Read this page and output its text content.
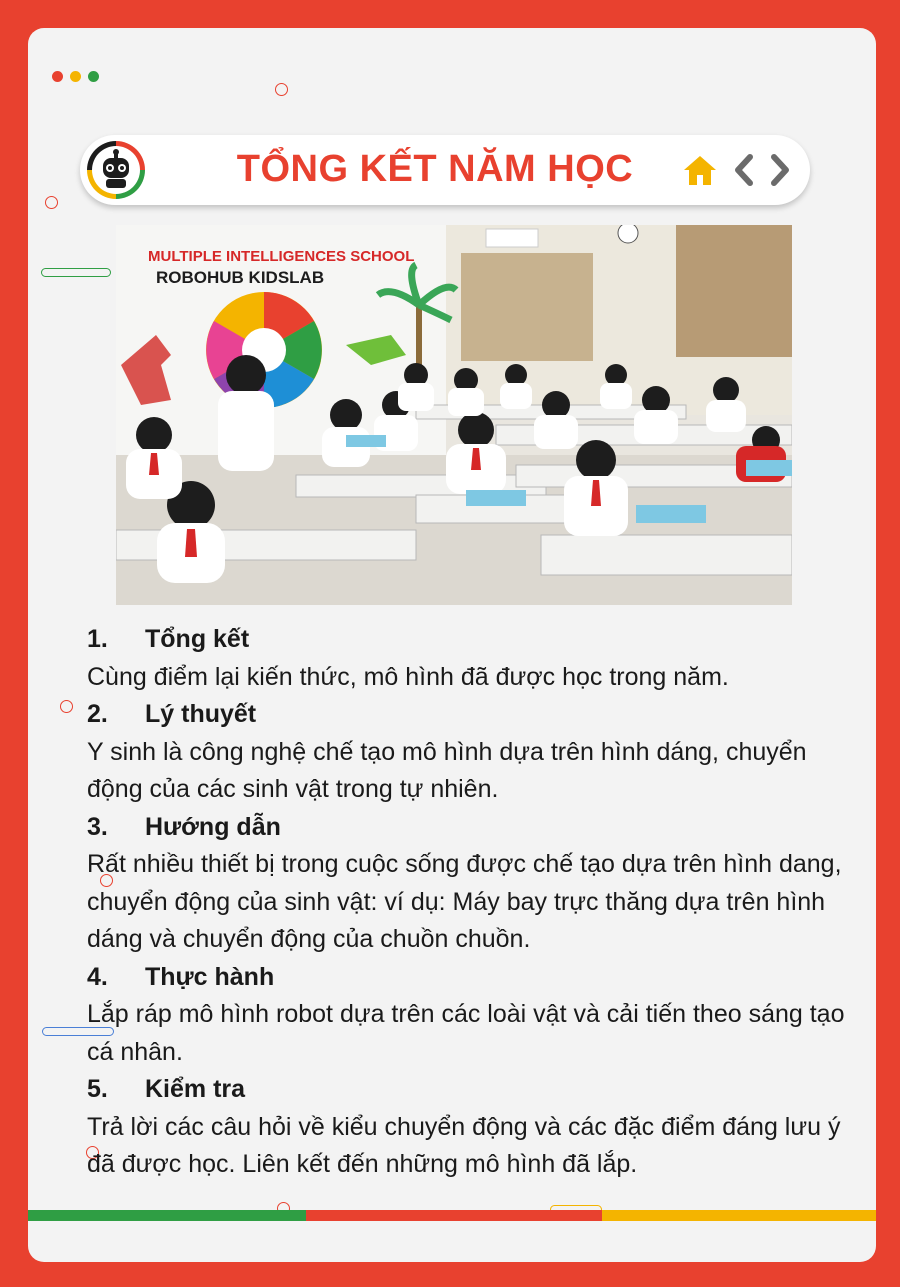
TỔNG KẾT NĂM HỌC
MULTIPLE INTELLIGENCES SCHOOL
ROBOHUB KIDSLAB
1.	Tổng kết

Cùng điểm lại kiến thức, mô hình đã được học trong năm.

2.	Lý thuyết

Y sinh là công nghệ chế tạo mô hình dựa trên hình dáng, chuyển động của các sinh vật trong tự nhiên.

3.	Hướng dẫn

Rất nhiều thiết bị trong cuộc sống được chế tạo dựa trên hình dang, chuyển động của sinh vật: ví dụ: Máy bay trực thăng dựa trên hình dáng và chuyển động của chuồn chuồn.

4.	Thực hành

Lắp ráp mô hình robot dựa trên các loài vật và cải tiến theo sáng tạo cá nhân.

5.	Kiểm tra

Trả lời các câu hỏi về kiểu chuyển động và các đặc điểm đáng lưu ý đã được học. Liên kết đến những mô hình đã lắp.
